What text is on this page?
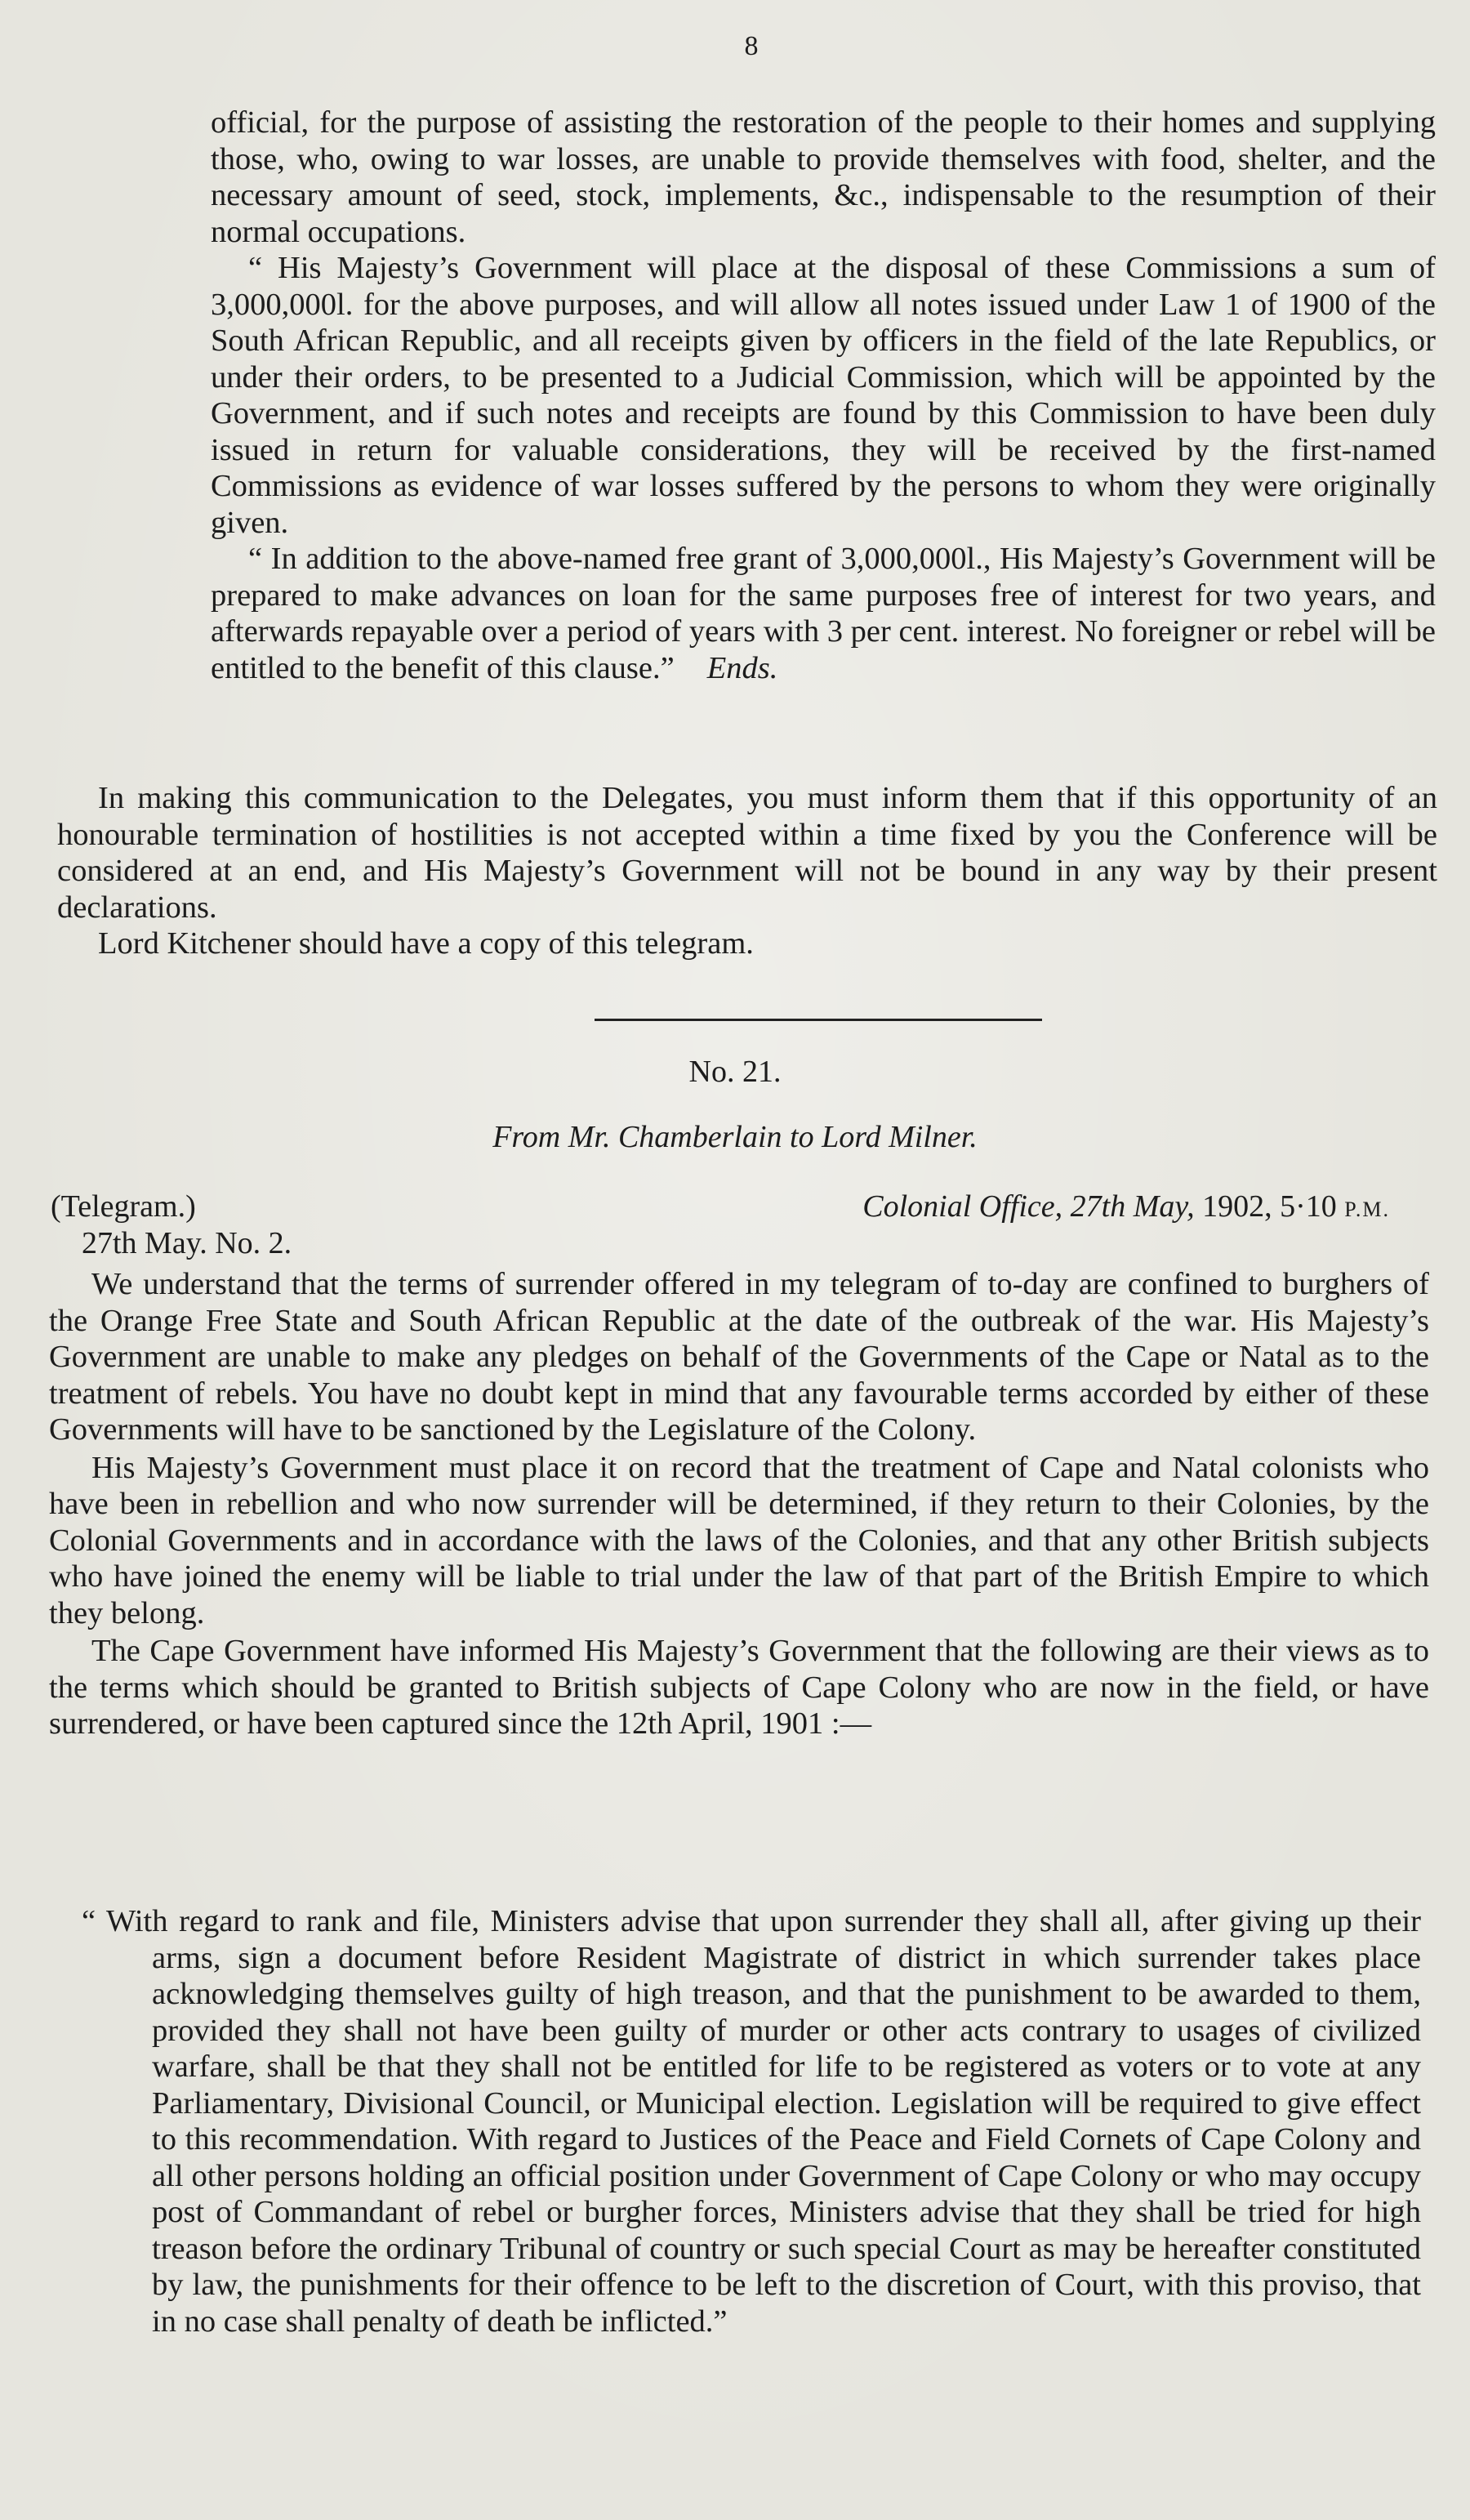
8

official, for the purpose of assisting the restoration of the people to their homes and supplying those, who, owing to war losses, are unable to provide themselves with food, shelter, and the necessary amount of seed, stock, implements, &c., indispensable to the resumption of their normal occupations.

“ His Majesty’s Government will place at the disposal of these Commissions a sum of 3,000,000l. for the above purposes, and will allow all notes issued under Law 1 of 1900 of the South African Republic, and all receipts given by officers in the field of the late Republics, or under their orders, to be presented to a Judicial Commission, which will be appointed by the Government, and if such notes and receipts are found by this Commission to have been duly issued in return for valuable considerations, they will be received by the first-named Commissions as evidence of war losses suffered by the persons to whom they were originally given.

“ In addition to the above-named free grant of 3,000,000l., His Majesty’s Government will be prepared to make advances on loan for the same purposes free of interest for two years, and afterwards repayable over a period of years with 3 per cent. interest. No foreigner or rebel will be entitled to the benefit of this clause.” Ends.

In making this communication to the Delegates, you must inform them that if this opportunity of an honourable termination of hostilities is not accepted within a time fixed by you the Conference will be considered at an end, and His Majesty’s Government will not be bound in any way by their present declarations.

Lord Kitchener should have a copy of this telegram.

No. 21.
From Mr. Chamberlain to Lord Milner.
(Telegram.)	Colonial Office, 27th May, 1902, 5·10 P.M.
27th May. No. 2.

We understand that the terms of surrender offered in my telegram of to-day are confined to burghers of the Orange Free State and South African Republic at the date of the outbreak of the war. His Majesty’s Government are unable to make any pledges on behalf of the Governments of the Cape or Natal as to the treatment of rebels. You have no doubt kept in mind that any favourable terms accorded by either of these Governments will have to be sanctioned by the Legislature of the Colony.

His Majesty’s Government must place it on record that the treatment of Cape and Natal colonists who have been in rebellion and who now surrender will be determined, if they return to their Colonies, by the Colonial Governments and in accordance with the laws of the Colonies, and that any other British subjects who have joined the enemy will be liable to trial under the law of that part of the British Empire to which they belong.

The Cape Government have informed His Majesty’s Government that the following are their views as to the terms which should be granted to British subjects of Cape Colony who are now in the field, or have surrendered, or have been captured since the 12th April, 1901 :—

“ With regard to rank and file, Ministers advise that upon surrender they shall all, after giving up their arms, sign a document before Resident Magistrate of district in which surrender takes place acknowledging themselves guilty of high treason, and that the punishment to be awarded to them, provided they shall not have been guilty of murder or other acts contrary to usages of civilized warfare, shall be that they shall not be entitled for life to be registered as voters or to vote at any Parliamentary, Divisional Council, or Municipal election. Legislation will be required to give effect to this recommendation. With regard to Justices of the Peace and Field Cornets of Cape Colony and all other persons holding an official position under Government of Cape Colony or who may occupy post of Commandant of rebel or burgher forces, Ministers advise that they shall be tried for high treason before the ordinary Tribunal of country or such special Court as may be hereafter constituted by law, the punishments for their offence to be left to the discretion of Court, with this proviso, that in no case shall penalty of death be inflicted.”
